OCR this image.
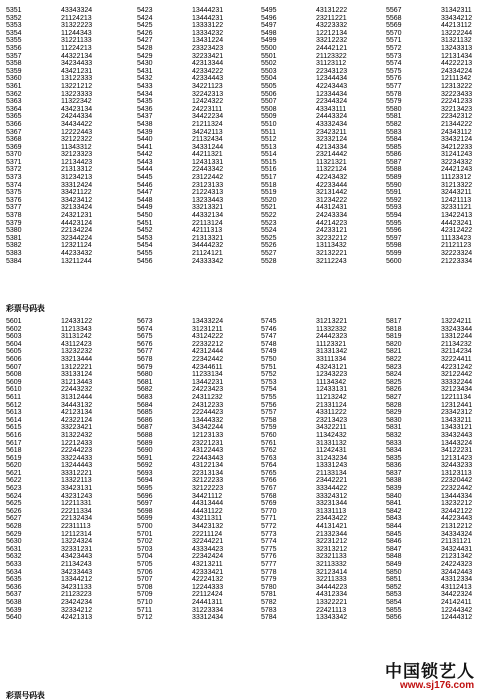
5351	43343324
5352	21124213
5353	31322223
5354	11244343
5355	31221133
5356	11224213
5357	44322134
5358	34234433
5359	43421231
5360	13122333
5361	13221212
5362	13223333
5363	11322342
5364	43423134
5365	24244334
5366	34434422
5367	12222443
5368	32122322
5369	11343312
5370	32123323
5371	12134423
5372	21313312
5373	31234213
5374	33312424
5375	33421122
5376	33423412
5377	32133424
5378	24321231
5379	44423124
5380	22134224
5381	32344224
5382	12321124
5383	44233432
5384	13211244
5423	13444231
5424	13444231
5425	13333122
5426	13334232
5427	13431224
5428	23323423
5429	32233421
5430	42313344
5431	42334222
5432	42334443
5433	34221123
5434	32242313
5435	12424322
5436	24223111
5437	34422234
5438	21211324
5439	34242113
5440	21132434
5441	34331244
5442	44211321
5443	12431331
5444	22443342
5445	23122442
5446	23123133
5447	21224313
5448	13233443
5449	33213321
5450	44332134
5451	22113124
5452	42111313
5453	21313321
5454	34444232
5455	21124121
5456	24333342
5495	43131222
5496	23211221
5497	43223332
5498	12212134
5499	33212232
5500	24442121
5501	21123322
5502	31123112
5503	22343123
5504	12344434
5505	42243443
5506	12334434
5507	22344324
5508	43343111
5509	24443324
5510	43332434
5511	23423211
5512	32332124
5513	42134334
5514	23214442
5515	11321321
5516	11322124
5517	42243432
5518	42233444
5519	32131442
5520	31234222
5521	44312431
5522	24243334
5523	44214223
5524	24233121
5525	32232212
5526	13113432
5527	32132221
5528	32112243
5567	31342311
5568	33434212
5569	44213112
5570	13222244
5571	31321132
5572	13243313
5573	12131434
5574	44222213
5575	24334224
5576	12111342
5577	12313222
5578	32223433
5579	22241233
5580	32213423
5581	22342312
5582	21344222
5583	24343112
5584	33432124
5585	34212233
5586	31241243
5587	32234332
5588	24421243
5589	11123312
5590	31213322
5591	32443211
5592	12421113
5593	32331121
5594	13422413
5595	44423241
5596	42312422
5597	11133423
5598	21121123
5599	32223324
5600	21223334
彩票号码表
5601	12433122
5602	11213343
5603	31131242
5604	43112423
5605	13232232
5606	33213444
5607	13122221
5608	33133124
5609	31213443
5610	22443232
5611	31312444
5612	34443132
5613	42123134
5614	42322124
5615	33223421
5616	31322432
5617	12212433
5618	22244223
5619	33224433
5620	13244443
5621	33312221
5622	13322113
5623	33423131
5624	43231243
5625	12211331
5626	22211334
5627	22132434
5628	22311113
5629	12112314
5630	13224324
5631	32331231
5632	43423443
5633	21134243
5634	34233443
5635	13344212
5636	34231133
5637	21123223
5638	23424234
5639	32334212
5640	42421313
5673	13433224
5674	31231211
5675	43124222
5676	22332212
5677	42312444
5678	22342442
5679	42344611
5680	11233134
5681	13442231
5682	24223423
5683	24311232
5684	24312233
5685	22244423
5686	13444332
5687	34342244
5688	12123133
5689	23221231
5690	43122443
5691	22443443
5692	43122134
5693	22313134
5694	32122233
5695	32122223
5696	34421112
5697	44313444
5698	44431122
5699	43211311
5700	34423132
5701	22211124
5702	32244221
5703	43334423
5704	22342424
5705	43213211
5706	42333421
5707	42224132
5708	12244333
5709	22112424
5710	24441311
5711	31223334
5712	33312434
5745	31213221
5746	11332332
5747	24442323
5748	11123321
5749	31331342
5750	33111334
5751	43243121
5752	12343223
5753	11134342
5754	12433131
5755	11213242
5756	21331124
5757	43311222
5758	23213423
5759	34322211
5760	11342432
5761	31331132
5762	11242431
5763	31243234
5764	13331243
5765	21133134
5766	23442221
5767	33344422
5768	33324312
5769	33231344
5770	31331113
5771	23443422
5772	44131421
5773	21332344
5774	32231212
5775	32313212
5776	32321133
5777	32113332
5778	32123414
5779	32211333
5780	34444223
5781	44312334
5782	13322221
5783	22421113
5784	13343342
5817	13224211
5818	33243344
5819	13312244
5820	21134232
5821	32114234
5822	32224411
5823	42231242
5824	32122442
5825	33332244
5826	32123434
5827	12211134
5828	12312441
5829	23342312
5830	13433211
5831	13433121
5832	33432443
5833	13443224
5834	34122231
5835	12131423
5836	32443233
5837	13123113
5838	22320442
5839	22322442
5840	13444334
5841	13232212
5842	32442122
5843	44223443
5844	21312212
5845	34334324
5846	21131121
5847	34324431
5848	21231342
5849	24224323
5850	32442443
5851	43312334
5852	43112413
5853	34422324
5854	24142411
5855	12244342
5856	12444312
彩票号码表
中国锁艺人
www.sj176.com
